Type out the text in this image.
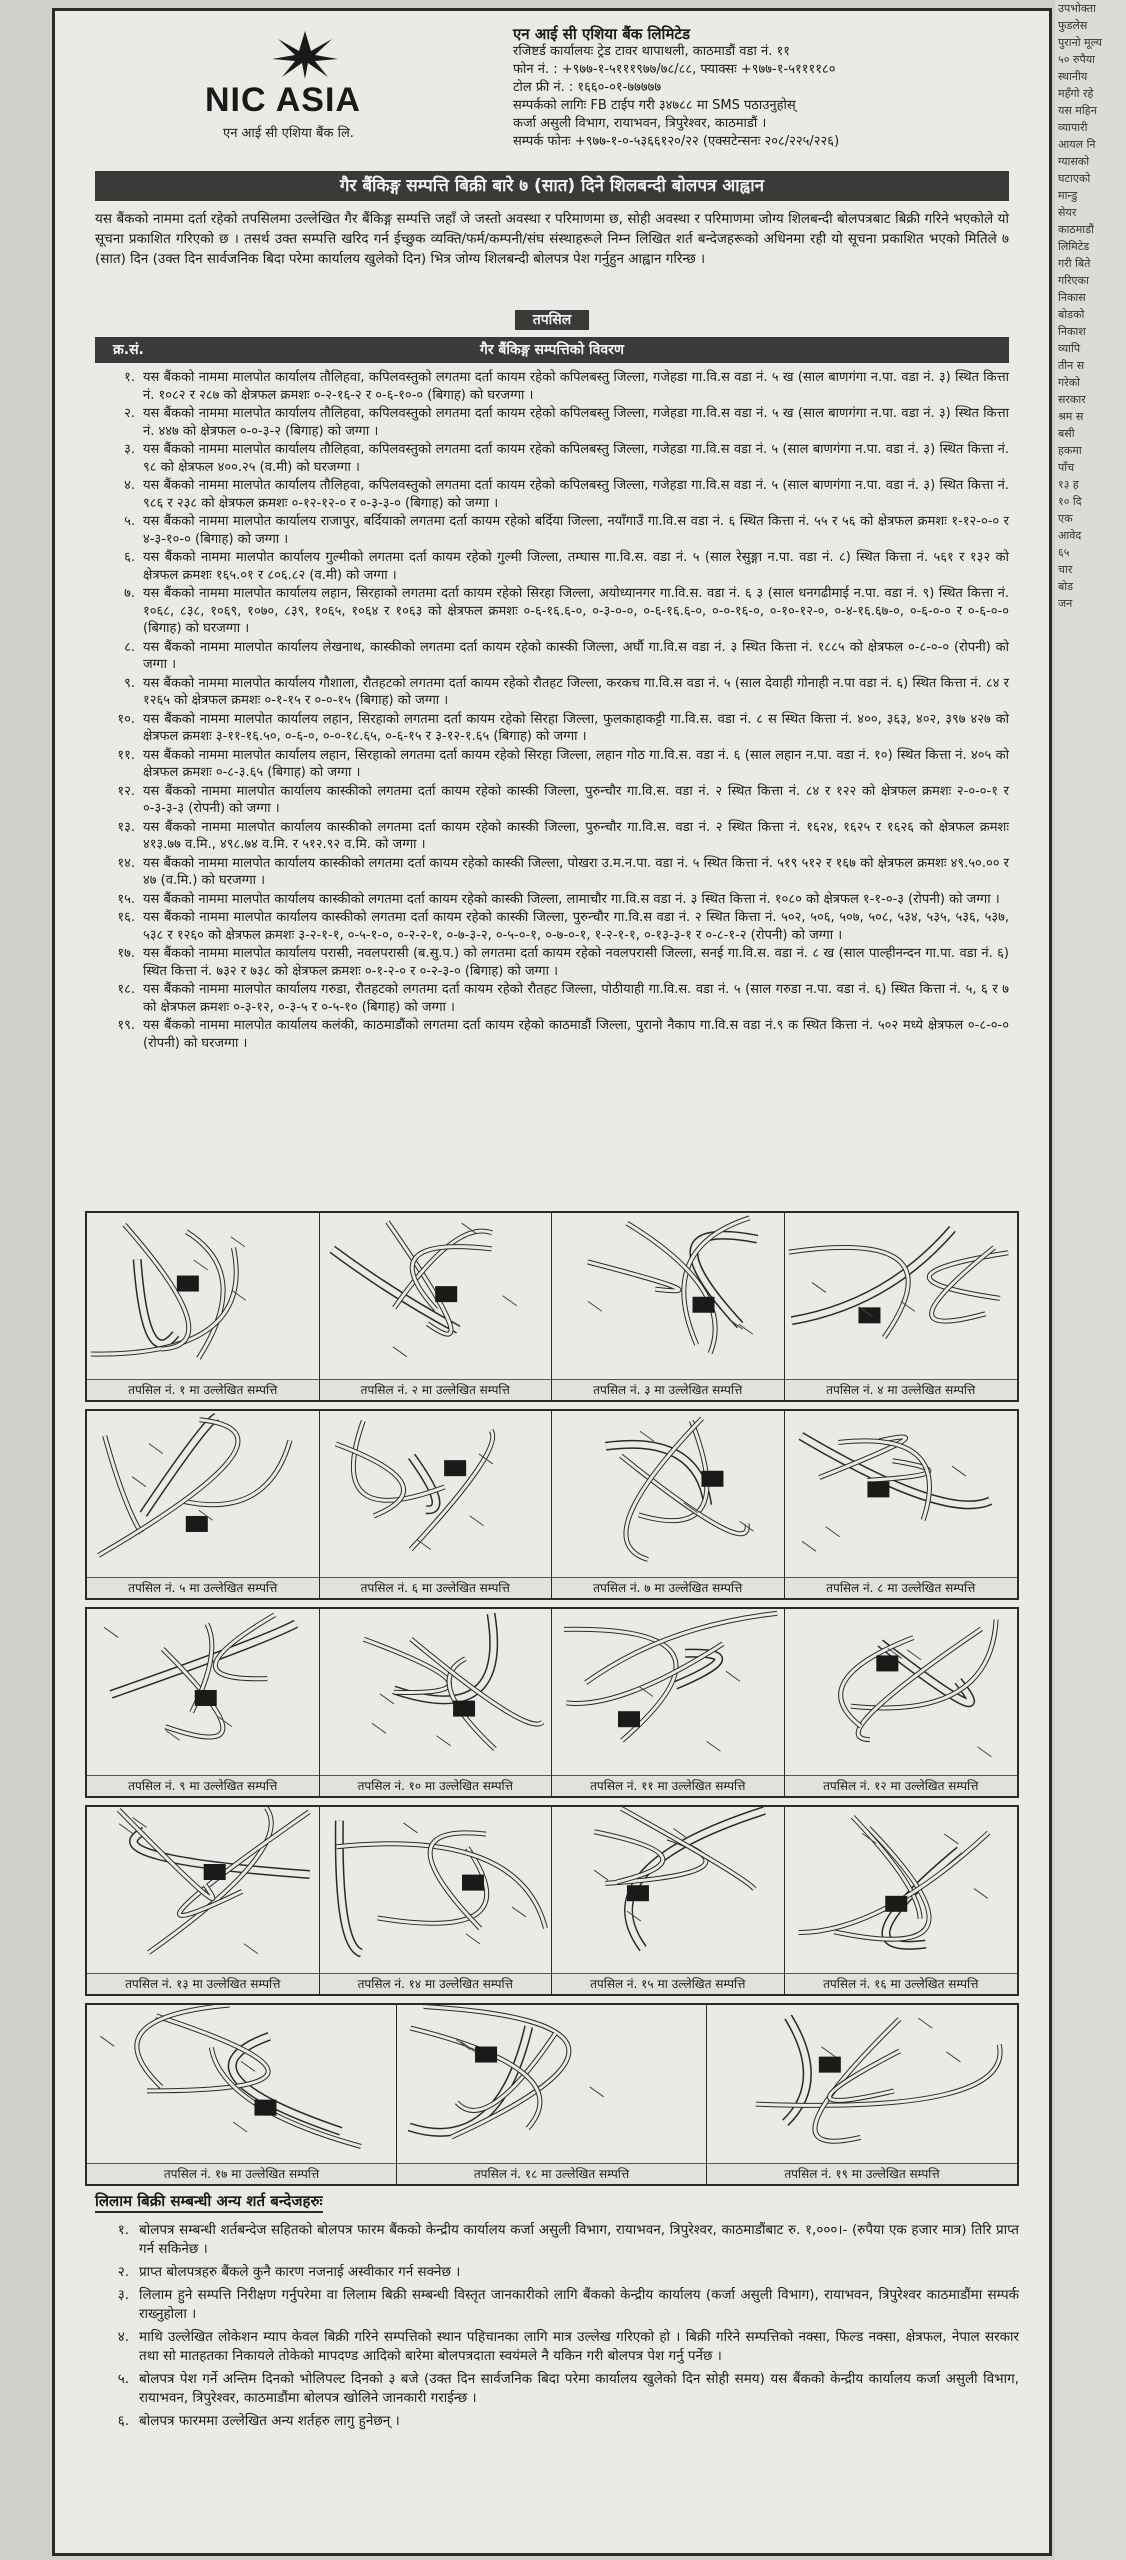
उपभोक्ता
फुडलेस
पुरानो मूल्य
५० रुपैया
स्थानीय
महँगो रहे
यस महिन
व्यापारी
आयल नि
ग्यासको
घटाएको
मान्डु
सेयर
काठमाडौं
लिमिटेड
गरी बिते
गरिएका
निकास
बोडको
निकाश
व्यापि
तीन स
गरेको
सरकार
श्रम स
बसी
हकमा
पाँच
१३ ह
१० दि
एक
आवेद
६५
चार
बोड
जन
NIC ASIA
एन आई सी एशिया बैंक लि.
एन आई सी एशिया बैंक लिमिटेड
रजिष्टर्ड कार्यालयः ट्रेड टावर थापाथली, काठमाडौं वडा नं. ११
फोन नं. : +९७७-१-५१११९७७/७८/८८, फ्याक्सः +९७७-१-५११११८०
टोल फ्री नं. : १६६०-०१-७७७७७
सम्पर्कको लागिः FB टाईप गरी ३४७८८ मा SMS पठाउनुहोस्
कर्जा असुली विभाग, रायाभवन, त्रिपुरेश्वर, काठमाडौं ।
सम्पर्क फोनः +९७७-१-०-५३६६१२०/२२ (एक्सटेन्सनः २०८/२२५/२२६)
गैर बैंकिङ्ग सम्पत्ति बिक्री बारे ७ (सात) दिने शिलबन्दी बोलपत्र आह्वान
यस बैंकको नाममा दर्ता रहेको तपसिलमा उल्लेखित गैर बैंकिङ्ग सम्पत्ति जहाँ जे जस्तो अवस्था र परिमाणमा छ, सोही अवस्था र परिमाणमा जोग्य शिलबन्दी बोलपत्रबाट बिक्री गरिने भएकोले यो सूचना प्रकाशित गरिएको छ । तसर्थ उक्त सम्पत्ति खरिद गर्न ईच्छुक व्यक्ति/फर्म/कम्पनी/संघ संस्थाहरूले निम्न लिखित शर्त बन्देजहरूको अधिनमा रही यो सूचना प्रकाशित भएको मितिले ७ (सात) दिन (उक्त दिन सार्वजनिक बिदा परेमा कार्यालय खुलेको दिन) भित्र जोग्य शिलबन्दी बोलपत्र पेश गर्नुहुन आह्वान गरिन्छ ।
तपसिल
गैर बैंकिङ्ग सम्पत्तिको विवरण
क्र.सं.
१. यस बैंकको नाममा मालपोत कार्यालय तौलिहवा, कपिलवस्तुको लगतमा दर्ता कायम रहेको कपिलबस्तु जिल्ला, गजेहडा गा.वि.स वडा नं. ५ ख (साल बाणगंगा न.पा. वडा नं. ३) स्थित कित्ता नं. १०८२ र २८७ को क्षेत्रफल क्रमशः ०-२-१६-२ र ०-६-१०-० (बिगाह) को घरजग्गा ।
२. यस बैंकको नाममा मालपोत कार्यालय तौलिहवा, कपिलवस्तुको लगतमा दर्ता कायम रहेको कपिलबस्तु जिल्ला, गजेहडा गा.वि.स वडा नं. ५ ख (साल बाणगंगा न.पा. वडा नं. ३) स्थित कित्ता नं. ४४७ को क्षेत्रफल ०-०-३-२ (बिगाह) को जग्गा ।
३. यस बैंकको नाममा मालपोत कार्यालय तौलिहवा, कपिलवस्तुको लगतमा दर्ता कायम रहेको कपिलबस्तु जिल्ला, गजेहडा गा.वि.स वडा नं. ५ (साल बाणगंगा न.पा. वडा नं. ३) स्थित कित्ता नं. ९८ को क्षेत्रफल ४००.२५ (व.मी) को घरजग्गा ।
४. यस बैंकको नाममा मालपोत कार्यालय तौलिहवा, कपिलवस्तुको लगतमा दर्ता कायम रहेको कपिलबस्तु जिल्ला, गजेहडा गा.वि.स वडा नं. ५ (साल बाणगंगा न.पा. वडा नं. ३) स्थित कित्ता नं. ९८६ र २३८ को क्षेत्रफल क्रमशः ०-१२-१२-० र ०-३-३-० (बिगाह) को जग्गा ।
५. यस बैंकको नाममा मालपोत कार्यालय राजापुर, बर्दियाको लगतमा दर्ता कायम रहेको बर्दिया जिल्ला, नयाँगाउँ गा.वि.स वडा नं. ६ स्थित कित्ता नं. ५५ र ५६ को क्षेत्रफल क्रमशः १-१२-०-० र ४-३-१०-० (बिगाह) को जग्गा ।
६. यस बैंकको नाममा मालपोत कार्यालय गुल्मीको लगतमा दर्ता कायम रहेको गुल्मी जिल्ला, तम्घास गा.वि.स. वडा नं. ५ (साल रेसुङ्गा न.पा. वडा नं. ८) स्थित कित्ता नं. ५६१ र १३२ को क्षेत्रफल क्रमशः १६५.०१ र ८०६.८२ (व.मी) को जग्गा ।
७. यस बैंकको नाममा मालपोत कार्यालय लहान, सिरहाको लगतमा दर्ता कायम रहेको सिरहा जिल्ला, अयोध्यानगर गा.वि.स. वडा नं. ६ ३ (साल धनगढीमाई न.पा. वडा नं. ९) स्थित कित्ता नं. १०६८, ८३८, १०६९, १०७०, ८३९, १०६५, १०६४ र १०६३ को क्षेत्रफल क्रमशः ०-६-१६.६-०, ०-३-०-०, ०-६-१६.६-०, ०-०-१६-०, ०-१०-१२-०, ०-४-१६.६७-०, ०-६-०-० र ०-६-०-० (बिगाह) को घरजग्गा ।
८. यस बैंकको नाममा मालपोत कार्यालय लेखनाथ, कास्कीको लगतमा दर्ता कायम रहेको कास्की जिल्ला, अर्घौ गा.वि.स वडा नं. ३ स्थित कित्ता नं. १८८५ को क्षेत्रफल ०-८-०-० (रोपनी) को जग्गा ।
९. यस बैंकको नाममा मालपोत कार्यालय गौशाला, रौतहटको लगतमा दर्ता कायम रहेको रौतहट जिल्ला, करकच गा.वि.स वडा नं. ५ (साल देवाही गोनाही न.पा वडा नं. ६) स्थित कित्ता नं. ८४ र १२६५ को क्षेत्रफल क्रमशः ०-१-१५ र ०-०-१५ (बिगाह) को जग्गा ।
१०. यस बैंकको नाममा मालपोत कार्यालय लहान, सिरहाको लगतमा दर्ता कायम रहेको सिरहा जिल्ला, फुलकाहाकट्टी गा.वि.स. वडा नं. ८ स स्थित कित्ता नं. ४००, ३६३, ४०२, ३९७ ४२७ को क्षेत्रफल क्रमशः ३-११-१६.५०, ०-६-०, ०-०-१८.६५, ०-६-१५ र ३-१२-१.६५ (बिगाह) को जग्गा ।
११. यस बैंकको नाममा मालपोत कार्यालय लहान, सिरहाको लगतमा दर्ता कायम रहेको सिरहा जिल्ला, लहान गोठ गा.वि.स. वडा नं. ६ (साल लहान न.पा. वडा नं. १०) स्थित कित्ता नं. ४०५ को क्षेत्रफल क्रमशः ०-८-३.६५ (बिगाह) को जग्गा ।
१२. यस बैंकको नाममा मालपोत कार्यालय कास्कीको लगतमा दर्ता कायम रहेको कास्की जिल्ला, पुरुन्चौर गा.वि.स. वडा नं. २ स्थित कित्ता नं. ८४ र १२२ को क्षेत्रफल क्रमशः २-०-०-१ र ०-३-३-३ (रोपनी) को जग्गा ।
१३. यस बैंकको नाममा मालपोत कार्यालय कास्कीको लगतमा दर्ता कायम रहेको कास्की जिल्ला, पुरुन्चौर गा.वि.स. वडा नं. २ स्थित कित्ता नं. १६२४, १६२५ र १६२६ को क्षेत्रफल क्रमशः ४१३.७७ व.मि., ४९८.७४ व.मि. र ५१२.९२ व.मि. को जग्गा ।
१४. यस बैंकको नाममा मालपोत कार्यालय कास्कीको लगतमा दर्ता कायम रहेको कास्की जिल्ला, पोखरा उ.म.न.पा. वडा नं. ५ स्थित कित्ता नं. ५१९ ५१२ र १६७ को क्षेत्रफल क्रमशः ४९.५०.०० र ४७ (व.मि.) को घरजग्गा ।
१५. यस बैंकको नाममा मालपोत कार्यालय कास्कीको लगतमा दर्ता कायम रहेको कास्की जिल्ला, लामाचौर गा.वि.स वडा नं. ३ स्थित कित्ता नं. १०८० को क्षेत्रफल १-१-०-३ (रोपनी) को जग्गा ।
१६. यस बैंकको नाममा मालपोत कार्यालय कास्कीको लगतमा दर्ता कायम रहेको कास्की जिल्ला, पुरुन्चौर गा.वि.स वडा नं. २ स्थित कित्ता नं. ५०२, ५०६, ५०७, ५०८, ५३४, ५३५, ५३६, ५३७, ५३८ र १२६० को क्षेत्रफल क्रमशः ३-२-१-१, ०-५-१-०, ०-२-२-१, ०-७-३-२, ०-५-०-१, ०-७-०-१, १-२-१-१, ०-१३-३-१ र ०-८-१-२ (रोपनी) को जग्गा ।
१७. यस बैंकको नाममा मालपोत कार्यालय परासी, नवलपरासी (ब.सु.प.) को लगतमा दर्ता कायम रहेको नवलपरासी जिल्ला, सनई गा.वि.स. वडा नं. ८ ख (साल पाल्हीनन्दन गा.पा. वडा नं. ६) स्थित कित्ता नं. ७३२ र ७३८ को क्षेत्रफल क्रमशः ०-१-२-० र ०-२-३-० (बिगाह) को जग्गा ।
१८. यस बैंकको नाममा मालपोत कार्यालय गरुडा, रौतहटको लगतमा दर्ता कायम रहेको रौतहट जिल्ला, पोठीयाही गा.वि.स. वडा नं. ५ (साल गरुडा न.पा. वडा नं. ६) स्थित कित्ता नं. ५, ६ र ७ को क्षेत्रफल क्रमशः ०-३-१२, ०-३-५ र ०-५-१० (बिगाह) को जग्गा ।
१९. यस बैंकको नाममा मालपोत कार्यालय कलंकी, काठमाडौंको लगतमा दर्ता कायम रहेको काठमाडौं जिल्ला, पुरानो नैकाप गा.वि.स वडा नं.९ क स्थित कित्ता नं. ५०२ मध्ये क्षेत्रफल ०-८-०-० (रोपनी) को घरजग्गा ।
तपसिल नं. १ मा उल्लेखित सम्पत्ति	तपसिल नं. २ मा उल्लेखित सम्पत्ति	तपसिल नं. ३ मा उल्लेखित सम्पत्ति	तपसिल नं. ४ मा उल्लेखित सम्पत्ति
तपसिल नं. ५ मा उल्लेखित सम्पत्ति	तपसिल नं. ६ मा उल्लेखित सम्पत्ति	तपसिल नं. ७ मा उल्लेखित सम्पत्ति	तपसिल नं. ८ मा उल्लेखित सम्पत्ति
तपसिल नं. ९ मा उल्लेखित सम्पत्ति	तपसिल नं. १० मा उल्लेखित सम्पत्ति	तपसिल नं. ११ मा उल्लेखित सम्पत्ति	तपसिल नं. १२ मा उल्लेखित सम्पत्ति
तपसिल नं. १३ मा उल्लेखित सम्पत्ति	तपसिल नं. १४ मा उल्लेखित सम्पत्ति	तपसिल नं. १५ मा उल्लेखित सम्पत्ति	तपसिल नं. १६ मा उल्लेखित सम्पत्ति
तपसिल नं. १७ मा उल्लेखित सम्पत्ति	तपसिल नं. १८ मा उल्लेखित सम्पत्ति	तपसिल नं. १९ मा उल्लेखित सम्पत्ति
लिलाम बिक्री सम्बन्धी अन्य शर्त बन्देजहरुः
१. बोलपत्र सम्बन्धी शर्तबन्देज सहितको बोलपत्र फारम बैंकको केन्द्रीय कार्यालय कर्जा असुली विभाग, रायाभवन, त्रिपुरेश्वर, काठमाडौंबाट रु. १,०००।- (रुपैया एक हजार मात्र) तिरि प्राप्त गर्न सकिनेछ ।
२. प्राप्त बोलपत्रहरु बैंकले कुनै कारण नजनाई अस्वीकार गर्न सक्नेछ ।
३. लिलाम हुने सम्पत्ति निरीक्षण गर्नुपरेमा वा लिलाम बिक्री सम्बन्धी विस्तृत जानकारीको लागि बैंकको केन्द्रीय कार्यालय (कर्जा असुली विभाग), रायाभवन, त्रिपुरेश्वर काठमाडौंमा सम्पर्क राख्नुहोला ।
४. माथि उल्लेखित लोकेशन म्याप केवल बिक्री गरिने सम्पत्तिको स्थान पहिचानका लागि मात्र उल्लेख गरिएको हो । बिक्री गरिने सम्पत्तिको नक्सा, फिल्ड नक्सा, क्षेत्रफल, नेपाल सरकार तथा सो मातहतका निकायले तोकेको मापदण्ड आदिको बारेमा बोलपत्रदाता स्वयंमले नै यकिन गरी बोलपत्र पेश गर्नु पर्नेछ ।
५. बोलपत्र पेश गर्ने अन्तिम दिनको भोलिपल्ट दिनको ३ बजे (उक्त दिन सार्वजनिक बिदा परेमा कार्यालय खुलेको दिन सोही समय) यस बैंकको केन्द्रीय कार्यालय कर्जा असुली विभाग, रायाभवन, त्रिपुरेश्वर, काठमाडौंमा बोलपत्र खोलिने जानकारी गराईन्छ ।
६. बोलपत्र फारममा उल्लेखित अन्य शर्तहरु लागु हुनेछन् ।
